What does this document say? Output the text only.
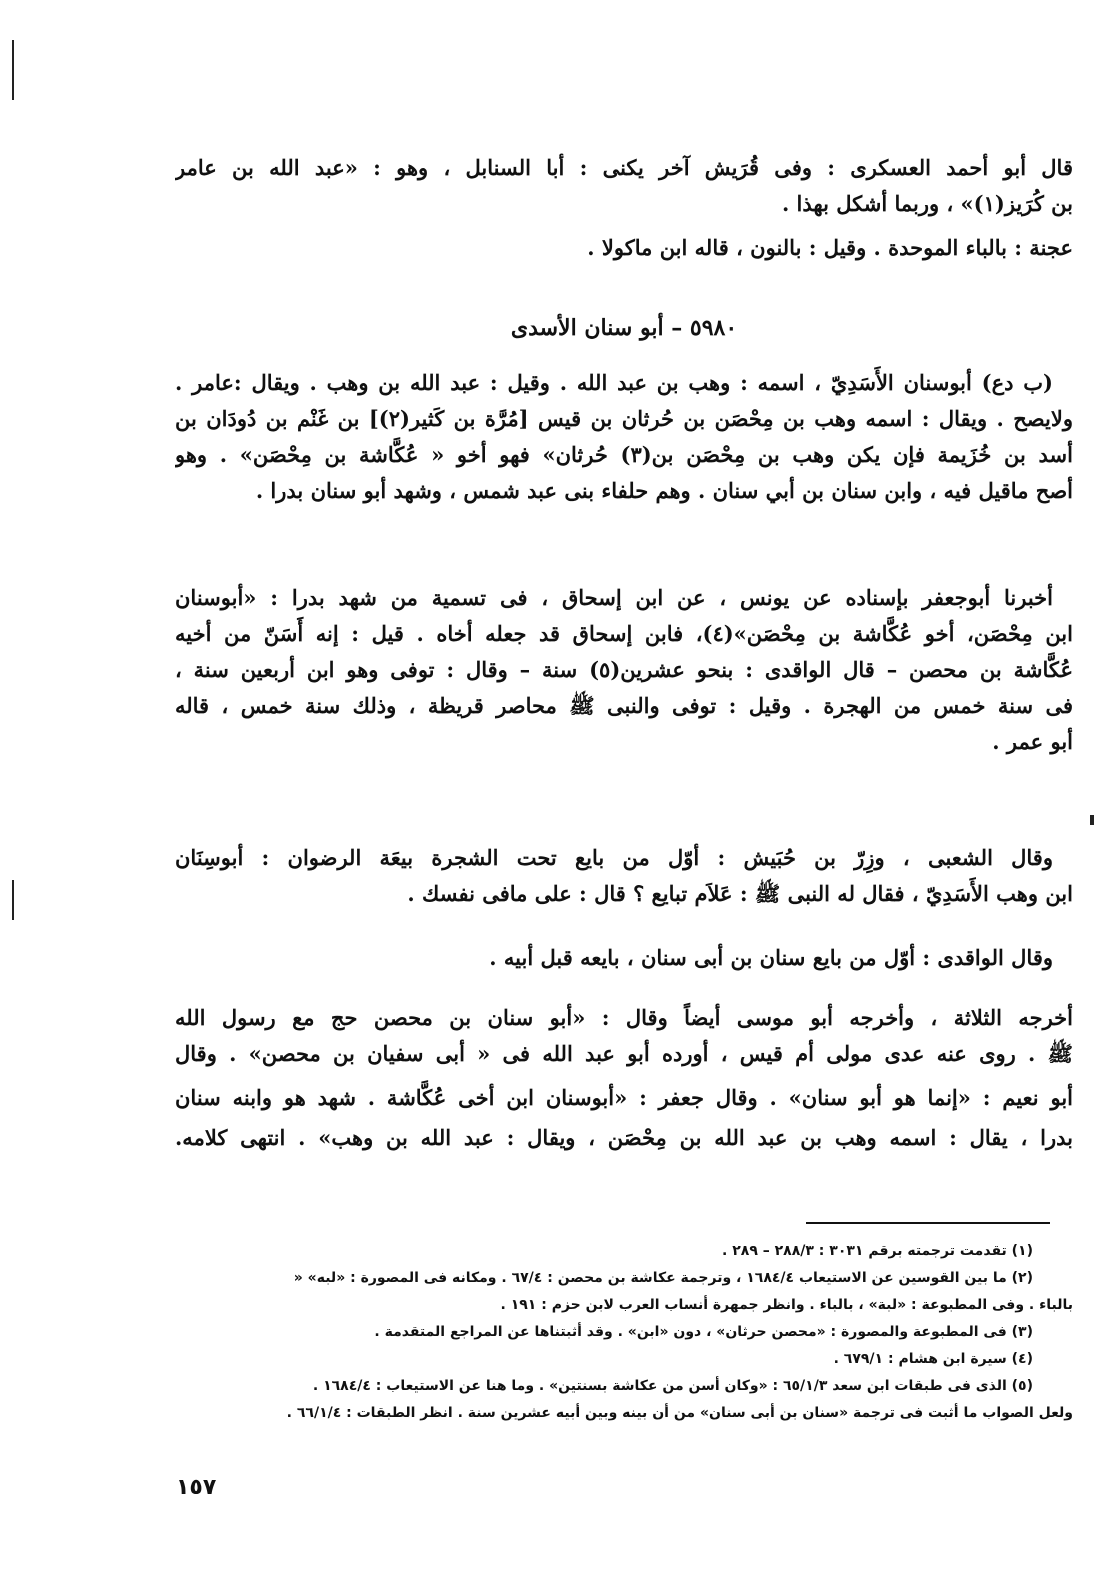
قال أبو أحمد العسكرى : وفى قُرَيش آخر يكنى : أبا السنابل ، وهو : «عبد الله بن عامر
بن كُرَيز(١)» ، وربما أشكل بهذا .
عجنة : بالباء الموحدة . وقيل : بالنون ، قاله ابن ماكولا .
٥٩٨٠ – أبو سنان الأسدى
(ب دع) أبوسنان الأَسَدِيّ ، اسمه : وهب بن عبد الله . وقيل : عبد الله بن وهب . ويقال :عامر .
ولايصح . ويقال : اسمه وهب بن مِحْصَن بن حُرثان بن قيس [مُرَّة بن كَثير(٢)] بن غَنْم بن دُودَان بن
أسد بن خُزَيمة فإن يكن وهب بن مِحْصَن بن(٣) حُرثان» فهو أخو « عُكَّاشة بن مِحْصَن» . وهو
أصح ماقيل فيه ، وابن سنان بن أبي سنان . وهم حلفاء بنى عبد شمس ، وشهد أبو سنان بدرا .
أخبرنا أبوجعفر بإسناده عن يونس ، عن ابن إسحاق ، فى تسمية من شهد بدرا : «أبوسنان
ابن مِحْصَن، أخو عُكَّاشة بن مِحْصَن»(٤)، فابن إسحاق قد جعله أخاه . قيل : إنه أَسَنّ من أخيه
عُكَّاشة بن محصن – قال الواقدى : بنحو عشرين(٥) سنة – وقال : توفى وهو ابن أربعين سنة ،
فى سنة خمس من الهجرة . وقيل : توفى والنبى ﷺ محاصر قريظة ، وذلك سنة خمس ، قاله
أبو عمر .
وقال الشعبى ، وزِرّ بن حُبَيش : أوّل من بايع تحت الشجرة بيعَة الرضوان : أبوسِنَان
ابن وهب الأَسَدِيّ ، فقال له النبى ﷺ : عَلاَم تبايع ؟ قال : على مافى نفسك .
وقال الواقدى : أوّل من بايع سنان بن أبى سنان ، بايعه قبل أبيه .
أخرجه الثلاثة ، وأخرجه أبو موسى أيضاً وقال : «أبو سنان بن محصن حج مع رسول الله
ﷺ . روى عنه عدى مولى أم قيس ، أورده أبو عبد الله فى « أبى سفيان بن محصن» . وقال
أبو نعيم : «إنما هو أبو سنان» . وقال جعفر : «أبوسنان ابن أخى عُكَّاشة . شهد هو وابنه سنان
بدرا ، يقال : اسمه وهب بن عبد الله بن مِحْصَن ، ويقال : عبد الله بن وهب» . انتهى كلامه.
(١) تقدمت ترجمته برقم ٣٠٣١ : ٢٨٨/٣ – ٢٨٩ .
(٢) ما بين القوسين عن الاستيعاب ١٦٨٤/٤ ، وترجمة عكاشة بن محصن : ٦٧/٤ . ومكانه فى المصورة : «لبه» «
بالباء . وفى المطبوعة : «لبة» ، بالباء . وانظر جمهرة أنساب العرب لابن حزم : ١٩١ .
(٣) فى المطبوعة والمصورة : «محصن حرثان» ، دون «ابن» . وقد أثبتناها عن المراجع المتقدمة .
(٤) سيرة ابن هشام : ٦٧٩/١ .
(٥) الذى فى طبقات ابن سعد ٦٥/١/٣ : «وكان أسن من عكاشة بسنتين» . وما هنا عن الاستيعاب : ١٦٨٤/٤ .
ولعل الصواب ما أثبت فى ترجمة «سنان بن أبى سنان» من أن بينه وبين أبيه عشرين سنة . انظر الطبقات : ٦٦/١/٤ .
١٥٧
